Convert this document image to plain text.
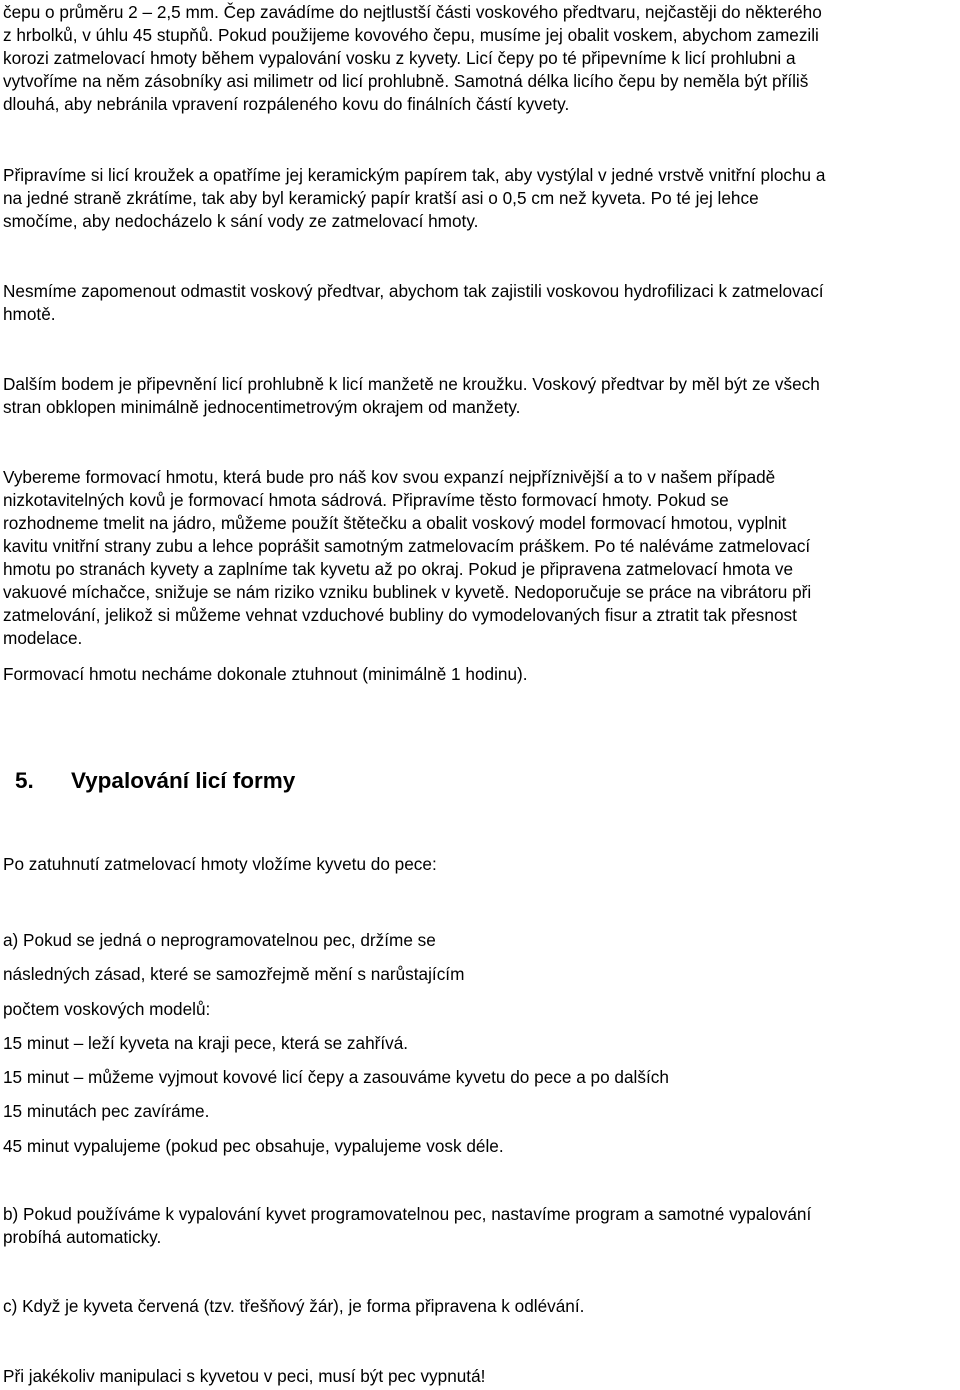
čepu o průměru 2 – 2,5 mm. Čep zavádíme do nejtlustší části voskového předtvaru, nejčastěji do některého
z hrbolků, v úhlu 45 stupňů. Pokud použijeme kovového čepu, musíme jej obalit voskem, abychom zamezili
korozi zatmelovací hmoty během vypalování vosku z kyvety. Licí čepy po té připevníme k licí prohlubni a
vytvoříme na něm zásobníky asi milimetr od licí prohlubně. Samotná délka licího čepu by neměla být příliš
dlouhá, aby nebránila vpravení rozpáleného kovu do finálních částí kyvety.
Připravíme si licí kroužek a opatříme jej keramickým papírem tak, aby vystýlal v jedné vrstvě vnitřní plochu a
na jedné straně zkrátíme, tak aby byl keramický papír kratší asi o 0,5 cm než kyveta. Po té jej lehce
smočíme, aby nedocházelo k sání vody ze zatmelovací hmoty.
Nesmíme zapomenout odmastit voskový předtvar, abychom tak zajistili voskovou hydrofilizaci k zatmelovací
hmotě.
Dalším bodem je připevnění licí prohlubně k licí manžetě ne kroužku. Voskový předtvar by měl být ze všech
stran obklopen minimálně jednocentimetrovým okrajem od manžety.
Vybereme formovací hmotu, která bude pro náš kov svou expanzí nejpříznivější a to v našem případě
nizkotavitelných kovů je formovací hmota sádrová. Připravíme těsto formovací hmoty. Pokud se
rozhodneme tmelit na jádro, můžeme použít štětečku a obalit voskový model formovací hmotou, vyplnit
kavitu vnitřní strany zubu a lehce poprášit samotným zatmelovacím práškem. Po té naléváme zatmelovací
hmotu po stranách kyvety a zaplníme tak kyvetu až po okraj. Pokud je připravena zatmelovací hmota ve
vakuové míchačce, snižuje se nám riziko vzniku bublinek v kyvetě. Nedoporučuje se práce na vibrátoru při
zatmelování, jelikož si můžeme vehnat vzduchové bubliny do vymodelovaných fisur a ztratit tak přesnost
modelace.
Formovací hmotu necháme dokonale ztuhnout (minimálně 1 hodinu).
5. Vypalování licí formy
Po zatuhnutí zatmelovací hmoty vložíme kyvetu do pece:
a) Pokud se jedná o neprogramovatelnou pec, držíme se
následných zásad, které se samozřejmě mění s narůstajícím
počtem voskových modelů:
15 minut – leží kyveta na kraji pece, která se zahřívá.
15 minut – můžeme vyjmout kovové licí čepy a zasouváme kyvetu do pece a po dalších
15 minutách pec zavíráme.
45 minut vypalujeme (pokud pec obsahuje, vypalujeme vosk déle.
b) Pokud používáme k vypalování kyvet programovatelnou pec, nastavíme program a samotné vypalování
probíhá automaticky.
c) Když je kyveta červená (tzv. třešňový žár), je forma připravena k odlévání.
Při jakékoliv manipulaci s kyvetou v peci, musí být pec vypnutá!
